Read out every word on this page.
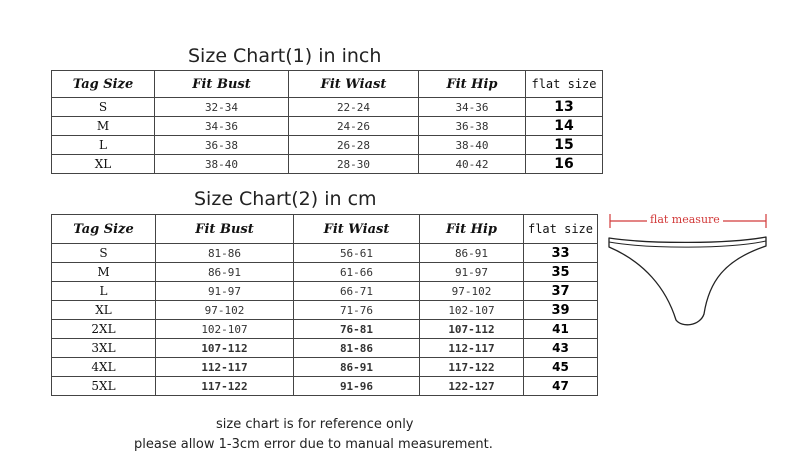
Size Chart(1) in inch
Tag Size	Fit Bust	Fit Wiast	Fit Hip	flat size
S	32-34	22-24	34-36	13
M	34-36	24-26	36-38	14
L	36-38	26-28	38-40	15
XL	38-40	28-30	40-42	16
Size Chart(2) in cm
Tag Size	Fit Bust	Fit Wiast	Fit Hip	flat size
S	81-86	56-61	86-91	33
M	86-91	61-66	91-97	35
L	91-97	66-71	97-102	37
XL	97-102	71-76	102-107	39
2XL	102-107	76-81	107-112	41
3XL	107-112	81-86	112-117	43
4XL	112-117	86-91	117-122	45
5XL	117-122	91-96	122-127	47
flat measure
size chart is for reference only
please allow 1-3cm error due to manual measurement.
